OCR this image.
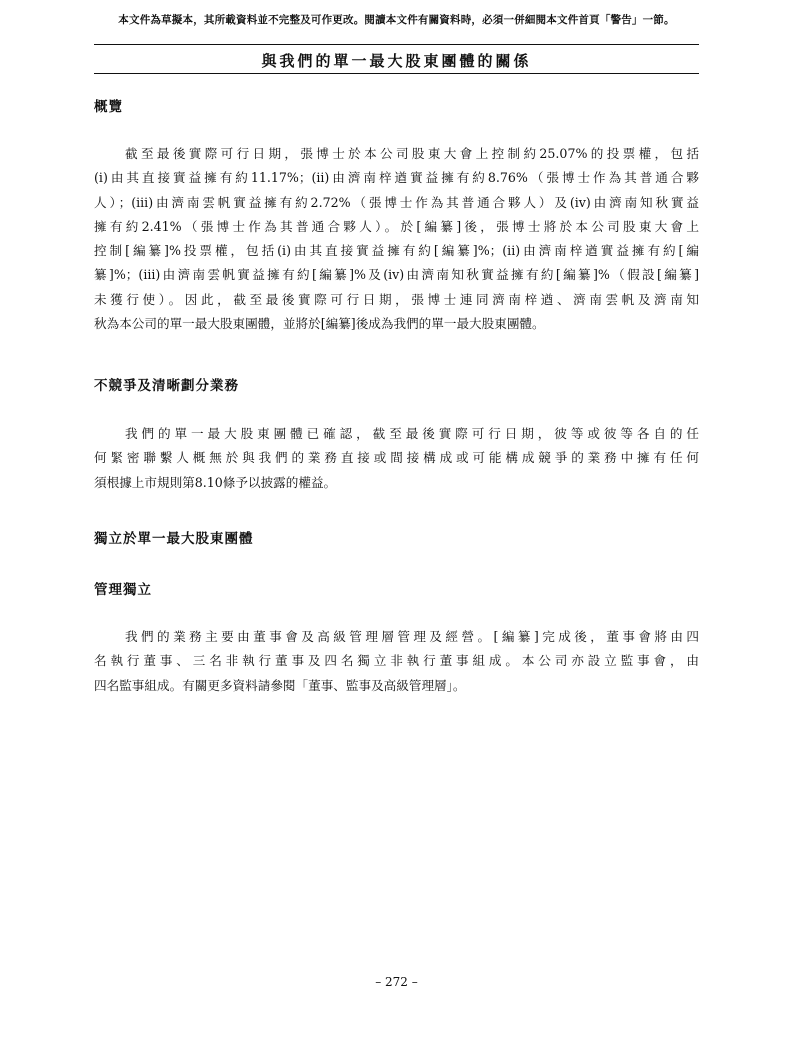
本文件為草擬本，其所載資料並不完整及可作更改。閱讀本文件有關資料時，必須一併細閱本文件首頁「警告」一節。
與我們的單一最大股東團體的關係
概覽
截至最後實際可行日期，張博士於本公司股東大會上控制約25.07%的投票權，包括
(i)由其直接實益擁有約11.17%；(ii)由濟南梓遒實益擁有約8.76%（張博士作為其普通合夥
人）；(iii)由濟南雲帆實益擁有約2.72%（張博士作為其普通合夥人）及(iv)由濟南知秋實益
擁有約2.41%（張博士作為其普通合夥人）。於[編纂]後，張博士將於本公司股東大會上
控制[編纂]%投票權，包括(i)由其直接實益擁有約[編纂]%；(ii)由濟南梓遒實益擁有約[編
纂]%；(iii)由濟南雲帆實益擁有約[編纂]%及(iv)由濟南知秋實益擁有約[編纂]%（假設[編纂]
未獲行使）。因此，截至最後實際可行日期，張博士連同濟南梓遒、濟南雲帆及濟南知
秋為本公司的單一最大股東團體，並將於[編纂]後成為我們的單一最大股東團體。
不競爭及清晰劃分業務
我們的單一最大股東團體已確認，截至最後實際可行日期，彼等或彼等各自的任
何緊密聯繫人概無於與我們的業務直接或間接構成或可能構成競爭的業務中擁有任何
須根據上市規則第8.10條予以披露的權益。
獨立於單一最大股東團體
管理獨立
我們的業務主要由董事會及高級管理層管理及經營。[編纂]完成後，董事會將由四
名執行董事、三名非執行董事及四名獨立非執行董事組成。本公司亦設立監事會，由
四名監事組成。有關更多資料請參閱「董事、監事及高級管理層」。
– 272 –
